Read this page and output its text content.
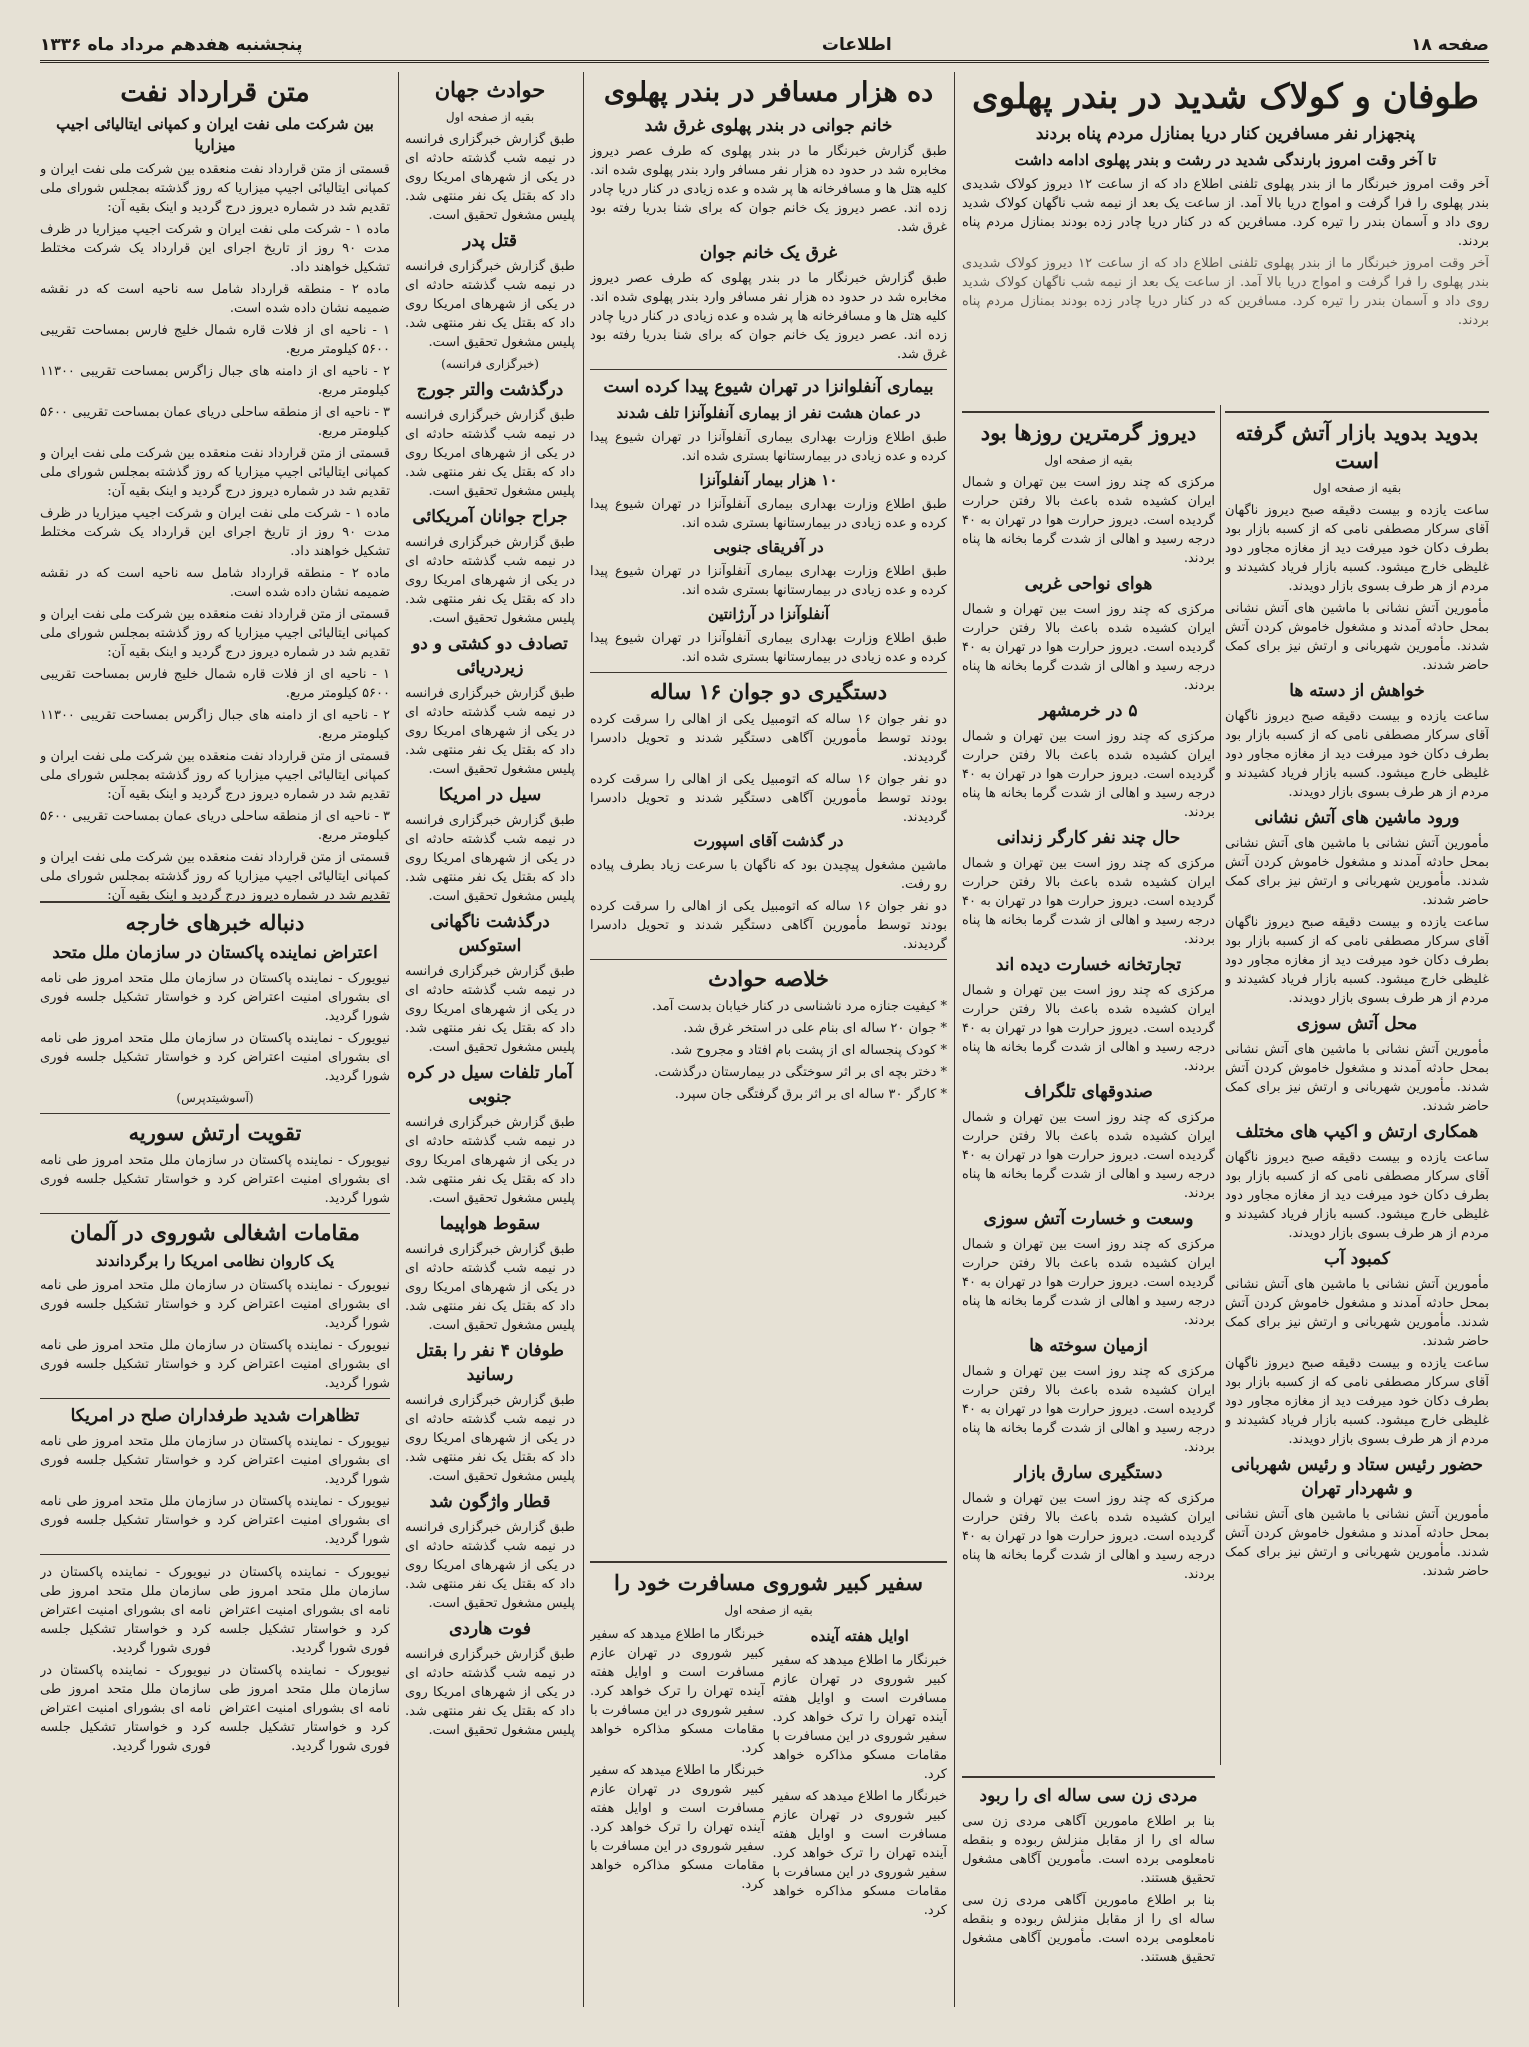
صفحه ۱۸
اطلاعات
پنجشنبه هفدهم مرداد ماه ۱۳۳۶
طوفان و کولاک شدید در بندر پهلوی
پنجهزار نفر مسافرین کنار دریا بمنازل مردم پناه بردند
تا آخر وقت امروز بارندگی شدید در رشت و بندر پهلوی ادامه داشت

آخر وقت امروز خبرنگار ما از بندر پهلوی تلفنی اطلاع داد که از ساعت ۱۲ دیروز کولاک شدیدی بندر پهلوی را فرا گرفت و امواج دریا بالا آمد. از ساعت یک بعد از نیمه شب ناگهان کولاک شدید روی داد و آسمان بندر را تیره کرد. مسافرین که در کنار دریا چادر زده بودند بمنازل مردم پناه بردند.

آخر وقت امروز خبرنگار ما از بندر پهلوی تلفنی اطلاع داد که از ساعت ۱۲ دیروز کولاک شدیدی بندر پهلوی را فرا گرفت و امواج دریا بالا آمد. از ساعت یک بعد از نیمه شب ناگهان کولاک شدید روی داد و آسمان بندر را تیره کرد. مسافرین که در کنار دریا چادر زده بودند بمنازل مردم پناه بردند.

بدوید بدوید بازار آتش گرفته است
بقیه از صفحه اول

ساعت یازده و بیست دقیقه صبح دیروز ناگهان آقای سرکار مصطفی نامی که از کسبه بازار بود بطرف دکان خود میرفت دید از مغازه مجاور دود غلیظی خارج میشود. کسبه بازار فریاد کشیدند و مردم از هر طرف بسوی بازار دویدند.

مأمورین آتش نشانی با ماشین های آتش نشانی بمحل حادثه آمدند و مشغول خاموش کردن آتش شدند. مأمورین شهربانی و ارتش نیز برای کمک حاضر شدند.

خواهش از دسته ها

ساعت یازده و بیست دقیقه صبح دیروز ناگهان آقای سرکار مصطفی نامی که از کسبه بازار بود بطرف دکان خود میرفت دید از مغازه مجاور دود غلیظی خارج میشود. کسبه بازار فریاد کشیدند و مردم از هر طرف بسوی بازار دویدند.

ورود ماشین های آتش نشانی

مأمورین آتش نشانی با ماشین های آتش نشانی بمحل حادثه آمدند و مشغول خاموش کردن آتش شدند. مأمورین شهربانی و ارتش نیز برای کمک حاضر شدند.

ساعت یازده و بیست دقیقه صبح دیروز ناگهان آقای سرکار مصطفی نامی که از کسبه بازار بود بطرف دکان خود میرفت دید از مغازه مجاور دود غلیظی خارج میشود. کسبه بازار فریاد کشیدند و مردم از هر طرف بسوی بازار دویدند.

محل آتش سوزی

مأمورین آتش نشانی با ماشین های آتش نشانی بمحل حادثه آمدند و مشغول خاموش کردن آتش شدند. مأمورین شهربانی و ارتش نیز برای کمک حاضر شدند.

همکاری ارتش و اکیپ های مختلف

ساعت یازده و بیست دقیقه صبح دیروز ناگهان آقای سرکار مصطفی نامی که از کسبه بازار بود بطرف دکان خود میرفت دید از مغازه مجاور دود غلیظی خارج میشود. کسبه بازار فریاد کشیدند و مردم از هر طرف بسوی بازار دویدند.

کمبود آب

مأمورین آتش نشانی با ماشین های آتش نشانی بمحل حادثه آمدند و مشغول خاموش کردن آتش شدند. مأمورین شهربانی و ارتش نیز برای کمک حاضر شدند.

ساعت یازده و بیست دقیقه صبح دیروز ناگهان آقای سرکار مصطفی نامی که از کسبه بازار بود بطرف دکان خود میرفت دید از مغازه مجاور دود غلیظی خارج میشود. کسبه بازار فریاد کشیدند و مردم از هر طرف بسوی بازار دویدند.

حضور رئیس ستاد و رئیس شهربانی و شهردار تهران

مأمورین آتش نشانی با ماشین های آتش نشانی بمحل حادثه آمدند و مشغول خاموش کردن آتش شدند. مأمورین شهربانی و ارتش نیز برای کمک حاضر شدند.

دیروز گرمترین روزها بود
بقیه از صفحه اول

مرکزی که چند روز است بین تهران و شمال ایران کشیده شده باعث بالا رفتن حرارت گردیده است. دیروز حرارت هوا در تهران به ۴۰ درجه رسید و اهالی از شدت گرما بخانه ها پناه بردند.

هوای نواحی غربی

مرکزی که چند روز است بین تهران و شمال ایران کشیده شده باعث بالا رفتن حرارت گردیده است. دیروز حرارت هوا در تهران به ۴۰ درجه رسید و اهالی از شدت گرما بخانه ها پناه بردند.

۵ در خرمشهر

مرکزی که چند روز است بین تهران و شمال ایران کشیده شده باعث بالا رفتن حرارت گردیده است. دیروز حرارت هوا در تهران به ۴۰ درجه رسید و اهالی از شدت گرما بخانه ها پناه بردند.

حال چند نفر کارگر زندانی

مرکزی که چند روز است بین تهران و شمال ایران کشیده شده باعث بالا رفتن حرارت گردیده است. دیروز حرارت هوا در تهران به ۴۰ درجه رسید و اهالی از شدت گرما بخانه ها پناه بردند.

تجارتخانه خسارت دیده اند

مرکزی که چند روز است بین تهران و شمال ایران کشیده شده باعث بالا رفتن حرارت گردیده است. دیروز حرارت هوا در تهران به ۴۰ درجه رسید و اهالی از شدت گرما بخانه ها پناه بردند.

صندوقهای تلگراف

مرکزی که چند روز است بین تهران و شمال ایران کشیده شده باعث بالا رفتن حرارت گردیده است. دیروز حرارت هوا در تهران به ۴۰ درجه رسید و اهالی از شدت گرما بخانه ها پناه بردند.

وسعت و خسارت آتش سوزی

مرکزی که چند روز است بین تهران و شمال ایران کشیده شده باعث بالا رفتن حرارت گردیده است. دیروز حرارت هوا در تهران به ۴۰ درجه رسید و اهالی از شدت گرما بخانه ها پناه بردند.

ازمیان سوخته ها

مرکزی که چند روز است بین تهران و شمال ایران کشیده شده باعث بالا رفتن حرارت گردیده است. دیروز حرارت هوا در تهران به ۴۰ درجه رسید و اهالی از شدت گرما بخانه ها پناه بردند.

دستگیری سارق بازار

مرکزی که چند روز است بین تهران و شمال ایران کشیده شده باعث بالا رفتن حرارت گردیده است. دیروز حرارت هوا در تهران به ۴۰ درجه رسید و اهالی از شدت گرما بخانه ها پناه بردند.

مردی زن سی ساله ای را ربود

بنا بر اطلاع مامورین آگاهی مردی زن سی ساله ای را از مقابل منزلش ربوده و بنقطه نامعلومی برده است. مأمورین آگاهی مشغول تحقیق هستند.

بنا بر اطلاع مامورین آگاهی مردی زن سی ساله ای را از مقابل منزلش ربوده و بنقطه نامعلومی برده است. مأمورین آگاهی مشغول تحقیق هستند.

ده هزار مسافر در بندر پهلوی
خانم جوانی در بندر پهلوی غرق شد

طبق گزارش خبرنگار ما در بندر پهلوی که طرف عصر دیروز مخابره شد در حدود ده هزار نفر مسافر وارد بندر پهلوی شده اند. کلیه هتل ها و مسافرخانه ها پر شده و عده زیادی در کنار دریا چادر زده اند. عصر دیروز یک خانم جوان که برای شنا بدریا رفته بود غرق شد.

غرق یک خانم جوان

طبق گزارش خبرنگار ما در بندر پهلوی که طرف عصر دیروز مخابره شد در حدود ده هزار نفر مسافر وارد بندر پهلوی شده اند. کلیه هتل ها و مسافرخانه ها پر شده و عده زیادی در کنار دریا چادر زده اند. عصر دیروز یک خانم جوان که برای شنا بدریا رفته بود غرق شد.

بیماری آنفلوانزا در تهران شیوع پیدا کرده است
در عمان هشت نفر از بیماری آنفلوآنزا تلف شدند

طبق اطلاع وزارت بهداری بیماری آنفلوآنزا در تهران شیوع پیدا کرده و عده زیادی در بیمارستانها بستری شده اند.

۱۰ هزار بیمار آنفلوآنزا

طبق اطلاع وزارت بهداری بیماری آنفلوآنزا در تهران شیوع پیدا کرده و عده زیادی در بیمارستانها بستری شده اند.

در آفریقای جنوبی

طبق اطلاع وزارت بهداری بیماری آنفلوآنزا در تهران شیوع پیدا کرده و عده زیادی در بیمارستانها بستری شده اند.

آنفلوآنزا در آرژانتین

طبق اطلاع وزارت بهداری بیماری آنفلوآنزا در تهران شیوع پیدا کرده و عده زیادی در بیمارستانها بستری شده اند.

دستگیری دو جوان ۱۶ ساله

دو نفر جوان ۱۶ ساله که اتومبیل یکی از اهالی را سرقت کرده بودند توسط مأمورین آگاهی دستگیر شدند و تحویل دادسرا گردیدند.

دو نفر جوان ۱۶ ساله که اتومبیل یکی از اهالی را سرقت کرده بودند توسط مأمورین آگاهی دستگیر شدند و تحویل دادسرا گردیدند.

در گذشت آقای اسپورت

ماشین مشغول پیچیدن بود که ناگهان با سرعت زیاد بطرف پیاده رو رفت.

دو نفر جوان ۱۶ ساله که اتومبیل یکی از اهالی را سرقت کرده بودند توسط مأمورین آگاهی دستگیر شدند و تحویل دادسرا گردیدند.

خلاصه حوادث

* کیفیت جنازه مرد ناشناسی در کنار خیابان بدست آمد.

* جوان ۲۰ ساله ای بنام علی در استخر غرق شد.

* کودک پنجساله ای از پشت بام افتاد و مجروح شد.

* دختر بچه ای بر اثر سوختگی در بیمارستان درگذشت.

* کارگر ۳۰ ساله ای بر اثر برق گرفتگی جان سپرد.

سفیر کبیر شوروی مسافرت خود را
بقیه از صفحه اول
اوایل هفته آینده

خبرنگار ما اطلاع میدهد که سفیر کبیر شوروی در تهران عازم مسافرت است و اوایل هفته آینده تهران را ترک خواهد کرد. سفیر شوروی در این مسافرت با مقامات مسکو مذاکره خواهد کرد.

خبرنگار ما اطلاع میدهد که سفیر کبیر شوروی در تهران عازم مسافرت است و اوایل هفته آینده تهران را ترک خواهد کرد. سفیر شوروی در این مسافرت با مقامات مسکو مذاکره خواهد کرد.

خبرنگار ما اطلاع میدهد که سفیر کبیر شوروی در تهران عازم مسافرت است و اوایل هفته آینده تهران را ترک خواهد کرد. سفیر شوروی در این مسافرت با مقامات مسکو مذاکره خواهد کرد.

خبرنگار ما اطلاع میدهد که سفیر کبیر شوروی در تهران عازم مسافرت است و اوایل هفته آینده تهران را ترک خواهد کرد. سفیر شوروی در این مسافرت با مقامات مسکو مذاکره خواهد کرد.

حوادث جهان
بقیه از صفحه اول

طبق گزارش خبرگزاری فرانسه در نیمه شب گذشته حادثه ای در یکی از شهرهای امریکا روی داد که بقتل یک نفر منتهی شد. پلیس مشغول تحقیق است.

قتل پدر

طبق گزارش خبرگزاری فرانسه در نیمه شب گذشته حادثه ای در یکی از شهرهای امریکا روی داد که بقتل یک نفر منتهی شد. پلیس مشغول تحقیق است.

(خبرگزاری فرانسه)
درگذشت والتر جورج

طبق گزارش خبرگزاری فرانسه در نیمه شب گذشته حادثه ای در یکی از شهرهای امریکا روی داد که بقتل یک نفر منتهی شد. پلیس مشغول تحقیق است.

جراح جوانان آمریکائی

طبق گزارش خبرگزاری فرانسه در نیمه شب گذشته حادثه ای در یکی از شهرهای امریکا روی داد که بقتل یک نفر منتهی شد. پلیس مشغول تحقیق است.

تصادف دو کشتی و دو زیردریائی

طبق گزارش خبرگزاری فرانسه در نیمه شب گذشته حادثه ای در یکی از شهرهای امریکا روی داد که بقتل یک نفر منتهی شد. پلیس مشغول تحقیق است.

سیل در امریکا

طبق گزارش خبرگزاری فرانسه در نیمه شب گذشته حادثه ای در یکی از شهرهای امریکا روی داد که بقتل یک نفر منتهی شد. پلیس مشغول تحقیق است.

درگذشت ناگهانی استوکس

طبق گزارش خبرگزاری فرانسه در نیمه شب گذشته حادثه ای در یکی از شهرهای امریکا روی داد که بقتل یک نفر منتهی شد. پلیس مشغول تحقیق است.

آمار تلفات سیل در کره جنوبی

طبق گزارش خبرگزاری فرانسه در نیمه شب گذشته حادثه ای در یکی از شهرهای امریکا روی داد که بقتل یک نفر منتهی شد. پلیس مشغول تحقیق است.

سقوط هواپیما

طبق گزارش خبرگزاری فرانسه در نیمه شب گذشته حادثه ای در یکی از شهرهای امریکا روی داد که بقتل یک نفر منتهی شد. پلیس مشغول تحقیق است.

طوفان ۴ نفر را بقتل رسانید

طبق گزارش خبرگزاری فرانسه در نیمه شب گذشته حادثه ای در یکی از شهرهای امریکا روی داد که بقتل یک نفر منتهی شد. پلیس مشغول تحقیق است.

قطار واژگون شد

طبق گزارش خبرگزاری فرانسه در نیمه شب گذشته حادثه ای در یکی از شهرهای امریکا روی داد که بقتل یک نفر منتهی شد. پلیس مشغول تحقیق است.

فوت هاردی

طبق گزارش خبرگزاری فرانسه در نیمه شب گذشته حادثه ای در یکی از شهرهای امریکا روی داد که بقتل یک نفر منتهی شد. پلیس مشغول تحقیق است.

متن قرارداد نفت
بین شرکت ملی نفت ایران و کمپانی ایتالیائی اجیپ میزاریا

قسمتی از متن قرارداد نفت منعقده بین شرکت ملی نفت ایران و کمپانی ایتالیائی اجیپ میزاریا که روز گذشته بمجلس شورای ملی تقدیم شد در شماره دیروز درج گردید و اینک بقیه آن:

ماده ۱ - شرکت ملی نفت ایران و شرکت اجیپ میزاریا در ظرف مدت ۹۰ روز از تاریخ اجرای این قرارداد یک شرکت مختلط تشکیل خواهند داد.

ماده ۲ - منطقه قرارداد شامل سه ناحیه است که در نقشه ضمیمه نشان داده شده است.

۱ - ناحیه ای از فلات قاره شمال خلیج فارس بمساحت تقریبی ۵۶۰۰ کیلومتر مربع.

۲ - ناحیه ای از دامنه های جبال زاگرس بمساحت تقریبی ۱۱۳۰۰ کیلومتر مربع.

۳ - ناحیه ای از منطقه ساحلی دریای عمان بمساحت تقریبی ۵۶۰۰ کیلومتر مربع.

قسمتی از متن قرارداد نفت منعقده بین شرکت ملی نفت ایران و کمپانی ایتالیائی اجیپ میزاریا که روز گذشته بمجلس شورای ملی تقدیم شد در شماره دیروز درج گردید و اینک بقیه آن:

ماده ۱ - شرکت ملی نفت ایران و شرکت اجیپ میزاریا در ظرف مدت ۹۰ روز از تاریخ اجرای این قرارداد یک شرکت مختلط تشکیل خواهند داد.

ماده ۲ - منطقه قرارداد شامل سه ناحیه است که در نقشه ضمیمه نشان داده شده است.

قسمتی از متن قرارداد نفت منعقده بین شرکت ملی نفت ایران و کمپانی ایتالیائی اجیپ میزاریا که روز گذشته بمجلس شورای ملی تقدیم شد در شماره دیروز درج گردید و اینک بقیه آن:

۱ - ناحیه ای از فلات قاره شمال خلیج فارس بمساحت تقریبی ۵۶۰۰ کیلومتر مربع.

۲ - ناحیه ای از دامنه های جبال زاگرس بمساحت تقریبی ۱۱۳۰۰ کیلومتر مربع.

قسمتی از متن قرارداد نفت منعقده بین شرکت ملی نفت ایران و کمپانی ایتالیائی اجیپ میزاریا که روز گذشته بمجلس شورای ملی تقدیم شد در شماره دیروز درج گردید و اینک بقیه آن:

۳ - ناحیه ای از منطقه ساحلی دریای عمان بمساحت تقریبی ۵۶۰۰ کیلومتر مربع.

قسمتی از متن قرارداد نفت منعقده بین شرکت ملی نفت ایران و کمپانی ایتالیائی اجیپ میزاریا که روز گذشته بمجلس شورای ملی تقدیم شد در شماره دیروز درج گردید و اینک بقیه آن:

دنباله خبرهای خارجه
اعتراض نماینده پاکستان در سازمان ملل متحد

نیویورک - نماینده پاکستان در سازمان ملل متحد امروز طی نامه ای بشورای امنیت اعتراض کرد و خواستار تشکیل جلسه فوری شورا گردید.

نیویورک - نماینده پاکستان در سازمان ملل متحد امروز طی نامه ای بشورای امنیت اعتراض کرد و خواستار تشکیل جلسه فوری شورا گردید.

(آسوشیتدپرس)
تقویت ارتش سوریه

نیویورک - نماینده پاکستان در سازمان ملل متحد امروز طی نامه ای بشورای امنیت اعتراض کرد و خواستار تشکیل جلسه فوری شورا گردید.

مقامات اشغالی شوروی در آلمان
یک کاروان نظامی امریکا را برگرداندند

نیویورک - نماینده پاکستان در سازمان ملل متحد امروز طی نامه ای بشورای امنیت اعتراض کرد و خواستار تشکیل جلسه فوری شورا گردید.

نیویورک - نماینده پاکستان در سازمان ملل متحد امروز طی نامه ای بشورای امنیت اعتراض کرد و خواستار تشکیل جلسه فوری شورا گردید.

تظاهرات شدید طرفداران صلح در امریکا

نیویورک - نماینده پاکستان در سازمان ملل متحد امروز طی نامه ای بشورای امنیت اعتراض کرد و خواستار تشکیل جلسه فوری شورا گردید.

نیویورک - نماینده پاکستان در سازمان ملل متحد امروز طی نامه ای بشورای امنیت اعتراض کرد و خواستار تشکیل جلسه فوری شورا گردید.

نیویورک - نماینده پاکستان در سازمان ملل متحد امروز طی نامه ای بشورای امنیت اعتراض کرد و خواستار تشکیل جلسه فوری شورا گردید.

نیویورک - نماینده پاکستان در سازمان ملل متحد امروز طی نامه ای بشورای امنیت اعتراض کرد و خواستار تشکیل جلسه فوری شورا گردید.

نیویورک - نماینده پاکستان در سازمان ملل متحد امروز طی نامه ای بشورای امنیت اعتراض کرد و خواستار تشکیل جلسه فوری شورا گردید.

نیویورک - نماینده پاکستان در سازمان ملل متحد امروز طی نامه ای بشورای امنیت اعتراض کرد و خواستار تشکیل جلسه فوری شورا گردید.
